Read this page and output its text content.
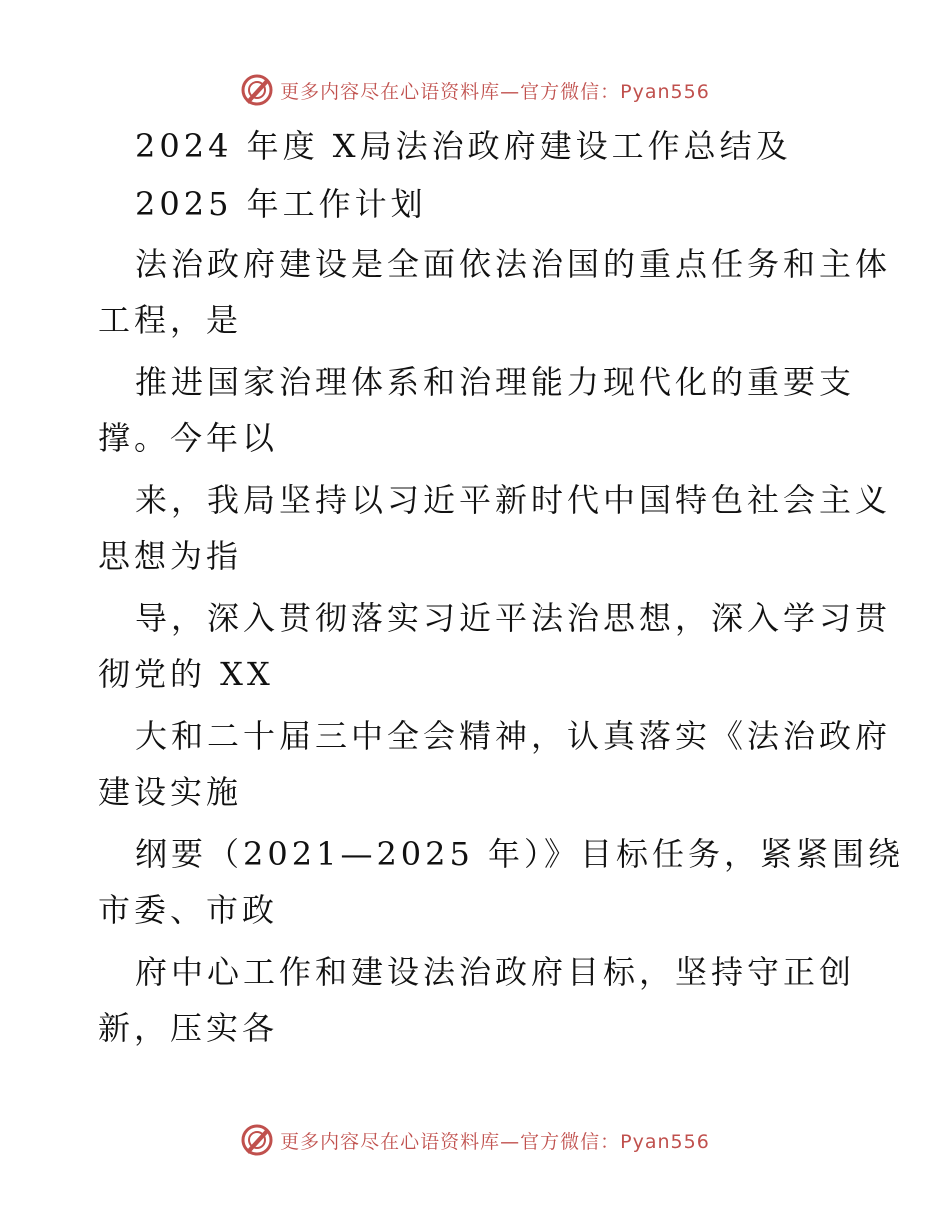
更多内容尽在心语资料库—官方微信：Pyan556
2024 年度 X局法治政府建设工作总结及
2025 年工作计划
法治政府建设是全面依法治国的重点任务和主体
工程，是
推进国家治理体系和治理能力现代化的重要支
撑。今年以
来，我局坚持以习近平新时代中国特色社会主义
思想为指
导，深入贯彻落实习近平法治思想，深入学习贯
彻党的 XX
大和二十届三中全会精神，认真落实《法治政府
建设实施
纲要（2021—2025 年）》目标任务，紧紧围绕
市委、市政
府中心工作和建设法治政府目标，坚持守正创
新，压实各
更多内容尽在心语资料库—官方微信：Pyan556
